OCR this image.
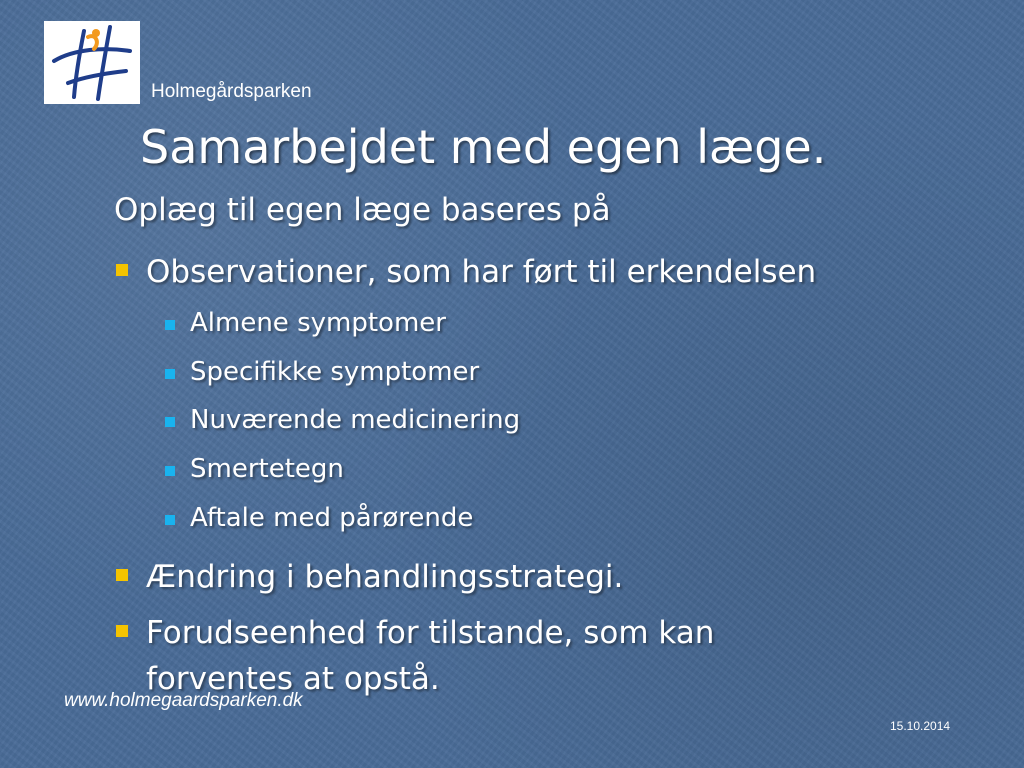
Holmegårdsparken
Samarbejdet med egen læge.
Oplæg til egen læge baseres på
Observationer, som har ført til erkendelsen
Almene symptomer
Specifikke symptomer
Nuværende medicinering
Smertetegn
Aftale med pårørende
Ændring i behandlingsstrategi.
Forudseenhed for tilstande, som kan
forventes at opstå.
www.holmegaardsparken.dk
15.10.2014
